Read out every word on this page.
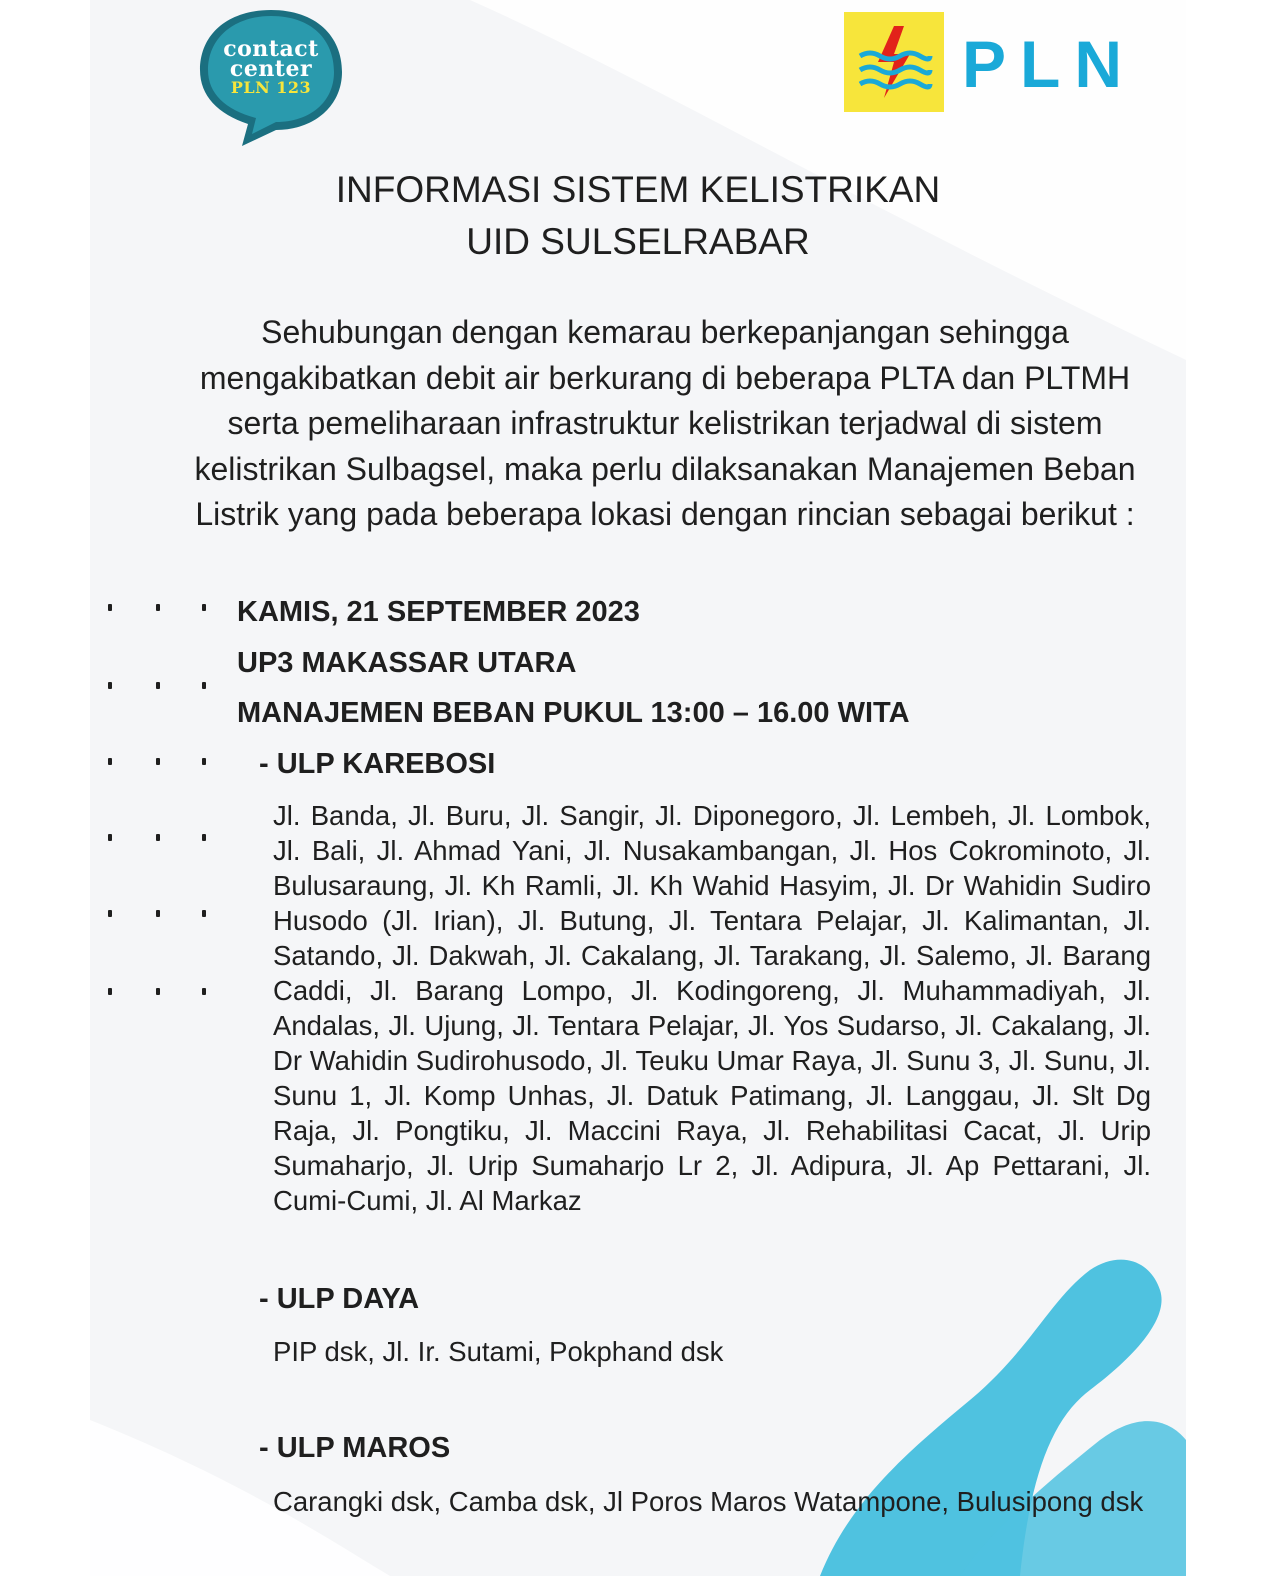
contact
center
PLN 123	PLN
INFORMASI SISTEM KELISTRIKAN
UID SULSELRABAR
Sehubungan dengan kemarau berkepanjangan sehingga mengakibatkan debit air berkurang di beberapa PLTA dan PLTMH serta pemeliharaan infrastruktur kelistrikan terjadwal di sistem kelistrikan Sulbagsel, maka perlu dilaksanakan Manajemen Beban Listrik yang pada beberapa lokasi dengan rincian sebagai berikut :
KAMIS, 21 SEPTEMBER 2023
UP3 MAKASSAR UTARA
MANAJEMEN BEBAN PUKUL 13:00 – 16.00 WITA
- ULP KAREBOSI
Jl. Banda, Jl. Buru, Jl. Sangir, Jl. Diponegoro, Jl. Lembeh, Jl. Lombok, Jl. Bali, Jl. Ahmad Yani, Jl. Nusakambangan, Jl. Hos Cokrominoto, Jl. Bulusaraung, Jl. Kh Ramli, Jl. Kh Wahid Hasyim, Jl. Dr Wahidin Sudiro Husodo (Jl. Irian), Jl. Butung, Jl. Tentara Pelajar, Jl. Kalimantan, Jl. Satando, Jl. Dakwah, Jl. Cakalang, Jl. Tarakang, Jl. Salemo, Jl. Barang Caddi, Jl. Barang Lompo, Jl. Kodingoreng, Jl. Muhammadiyah, Jl. Andalas, Jl. Ujung, Jl. Tentara Pelajar, Jl. Yos Sudarso, Jl. Cakalang, Jl. Dr Wahidin Sudirohusodo, Jl. Teuku Umar Raya, Jl. Sunu 3, Jl. Sunu, Jl. Sunu 1, Jl. Komp Unhas, Jl. Datuk Patimang, Jl. Langgau, Jl. Slt Dg Raja, Jl. Pongtiku, Jl. Maccini Raya, Jl. Rehabilitasi Cacat, Jl. Urip Sumaharjo, Jl. Urip Sumaharjo Lr 2, Jl. Adipura, Jl. Ap Pettarani, Jl. Cumi-Cumi, Jl. Al Markaz
- ULP DAYA
PIP dsk, Jl. Ir. Sutami, Pokphand dsk
- ULP MAROS
Carangki dsk, Camba dsk, Jl Poros Maros Watampone, Bulusipong dsk
